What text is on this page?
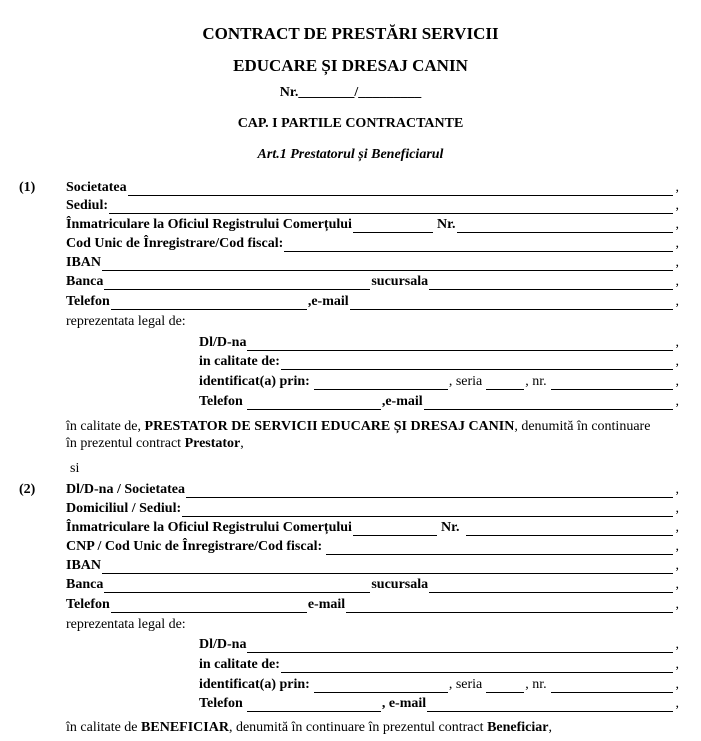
CONTRACT DE PRESTĂRI SERVICII
EDUCARE ȘI DRESAJ CANIN
Nr.________/_________
CAP. I PARTILE CONTRACTANTE
Art.1 Prestatorul și Beneficiarul
(1) Societatea	,
Sediul:	,
Înmatriculare la Oficiul Registrului Comerțului	Nr.	,
Cod Unic de Înregistrare/Cod fiscal:	,
IBAN	,
Banca	sucursala	,
Telefon	,e-mail	,
reprezentata legal de:
Dl/D-na	,
in calitate de:	,
identificat(a) prin:	, seria	, nr.	,
Telefon	,e-mail	,
în calitate de, PRESTATOR DE SERVICII EDUCARE ȘI DRESAJ CANIN, denumită în continuare
în prezentul contract Prestator,
si
(2) Dl/D-na / Societatea	,
Domiciliul / Sediul:	,
Înmatriculare la Oficiul Registrului Comerțului	Nr.	,
CNP / Cod Unic de Înregistrare/Cod fiscal:	,
IBAN	,
Banca	sucursala	,
Telefon	e-mail	,
reprezentata legal de:
Dl/D-na	,
in calitate de:	,
identificat(a) prin:	, seria	, nr.	,
Telefon	, e-mail	,
în calitate de BENEFICIAR, denumită în continuare în prezentul contract Beneficiar,
